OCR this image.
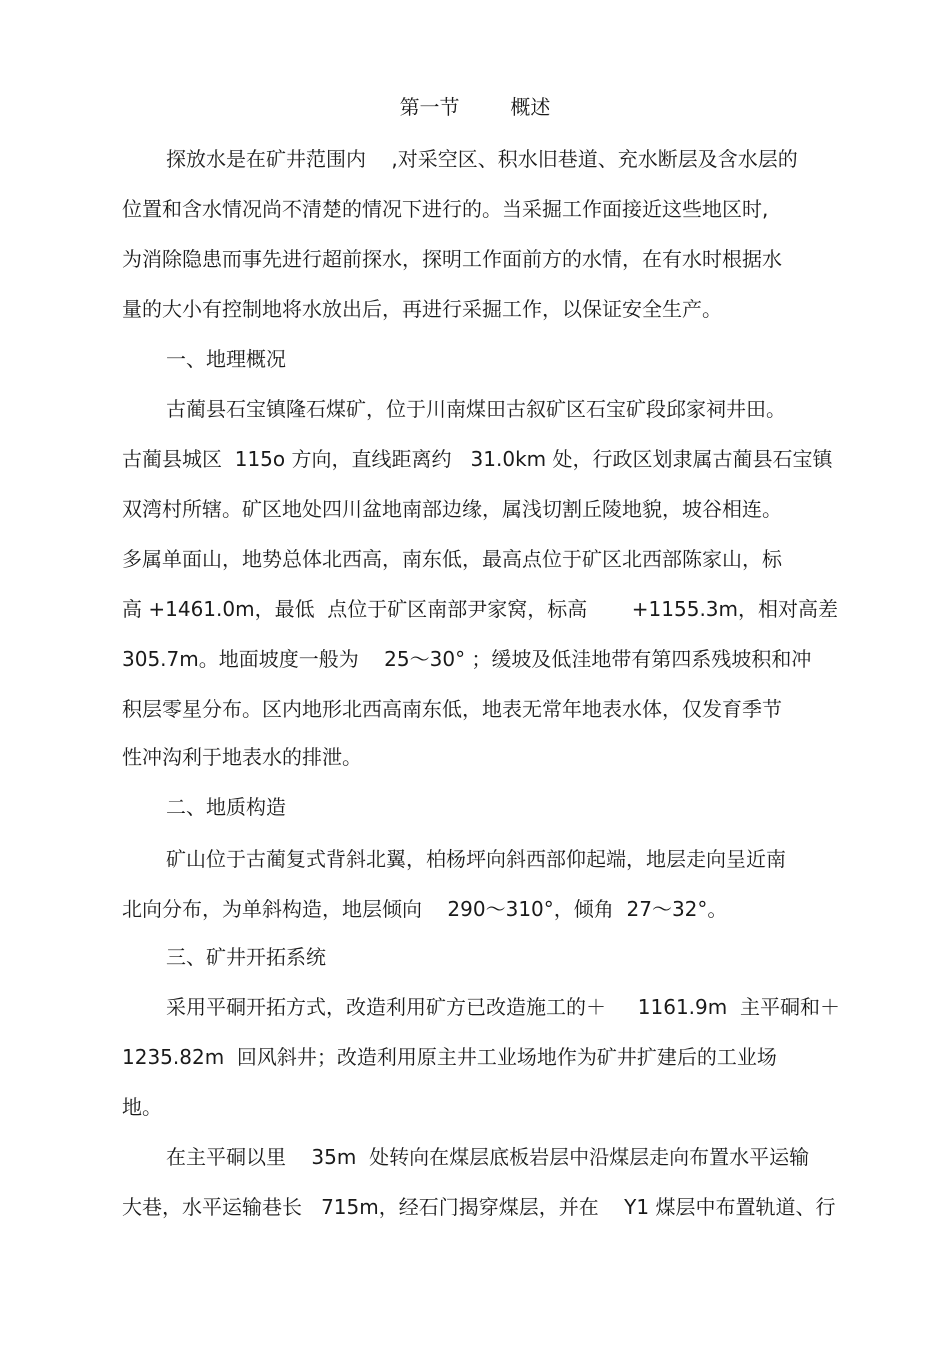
第一节        概述
探放水是在矿井范围内    ,对采空区、积水旧巷道、充水断层及含水层的
位置和含水情况尚不清楚的情况下进行的。当采掘工作面接近这些地区时,
为消除隐患而事先进行超前探水，探明工作面前方的水情，在有水时根据水
量的大小有控制地将水放出后，再进行采掘工作，以保证安全生产。
一、地理概况
古蔺县石宝镇隆石煤矿，位于川南煤田古叙矿区石宝矿段邱家祠井田。
古蔺县城区  115o 方向，直线距离约   31.0km 处，行政区划隶属古蔺县石宝镇
双湾村所辖。矿区地处四川盆地南部边缘，属浅切割丘陵地貌，坡谷相连。
多属单面山，地势总体北西高，南东低，最高点位于矿区北西部陈家山，标
高 +1461.0m，最低  点位于矿区南部尹家窝，标高       +1155.3m，相对高差
305.7m。地面坡度一般为    25～30° ；缓坡及低洼地带有第四系残坡积和冲
积层零星分布。区内地形北西高南东低，地表无常年地表水体，仅发育季节
性冲沟利于地表水的排泄。
二、地质构造
矿山位于古蔺复式背斜北翼，柏杨坪向斜西部仰起端，地层走向呈近南
北向分布，为单斜构造，地层倾向    290～310°，倾角  27～32°。
三、矿井开拓系统
采用平硐开拓方式，改造利用矿方已改造施工的＋     1161.9m  主平硐和＋
1235.82m  回风斜井；改造利用原主井工业场地作为矿井扩建后的工业场
地。
在主平硐以里    35m  处转向在煤层底板岩层中沿煤层走向布置水平运输
大巷，水平运输巷长   715m，经石门揭穿煤层，并在    Y1 煤层中布置轨道、行
